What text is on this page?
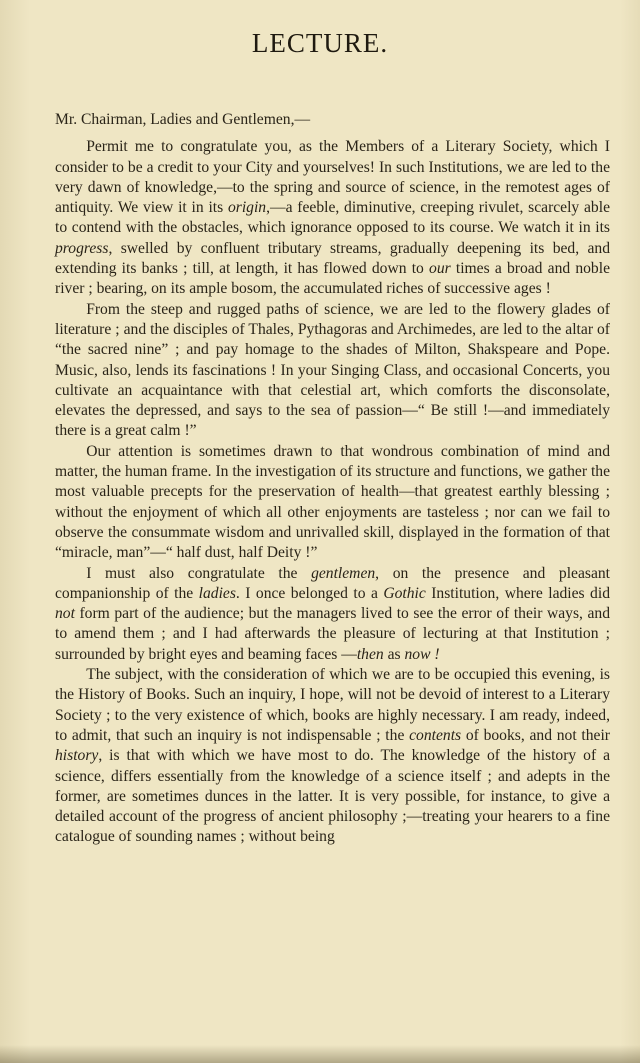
LECTURE.

Mr. Chairman, Ladies and Gentlemen,—

Permit me to congratulate you, as the Members of a Literary Society, which I consider to be a credit to your City and yourselves! In such Institutions, we are led to the very dawn of knowledge,—to the spring and source of science, in the remotest ages of antiquity. We view it in its origin,—a feeble, diminutive, creeping rivulet, scarcely able to contend with the obstacles, which ignorance opposed to its course. We watch it in its progress, swelled by confluent tributary streams, gradually deepening its bed, and extending its banks ; till, at length, it has flowed down to our times a broad and noble river ; bearing, on its ample bosom, the accumulated riches of successive ages !

From the steep and rugged paths of science, we are led to the flowery glades of literature ; and the disciples of Thales, Pythagoras and Archimedes, are led to the altar of “the sacred nine” ; and pay homage to the shades of Milton, Shakspeare and Pope. Music, also, lends its fascinations ! In your Singing Class, and occasional Concerts, you cultivate an acquaintance with that celestial art, which comforts the disconsolate, elevates the depressed, and says to the sea of passion—“ Be still !—and immediately there is a great calm !”

Our attention is sometimes drawn to that wondrous combination of mind and matter, the human frame. In the investigation of its structure and functions, we gather the most valuable precepts for the preservation of health—that greatest earthly blessing ; without the enjoyment of which all other enjoyments are tasteless ; nor can we fail to observe the consummate wisdom and unrivalled skill, displayed in the formation of that “miracle, man”—“ half dust, half Deity !”

I must also congratulate the gentlemen, on the presence and pleasant companionship of the ladies. I once belonged to a Gothic Institution, where ladies did not form part of the audience; but the managers lived to see the error of their ways, and to amend them ; and I had afterwards the pleasure of lecturing at that Institution ; surrounded by bright eyes and beaming faces —then as now !

The subject, with the consideration of which we are to be occupied this evening, is the History of Books. Such an inquiry, I hope, will not be devoid of interest to a Literary Society ; to the very existence of which, books are highly necessary. I am ready, indeed, to admit, that such an inquiry is not indispensable ; the contents of books, and not their history, is that with which we have most to do. The knowledge of the history of a science, differs essentially from the knowledge of a science itself ; and adepts in the former, are sometimes dunces in the latter. It is very possible, for instance, to give a detailed account of the progress of ancient philosophy ;—treating your hearers to a fine catalogue of sounding names ; without being
